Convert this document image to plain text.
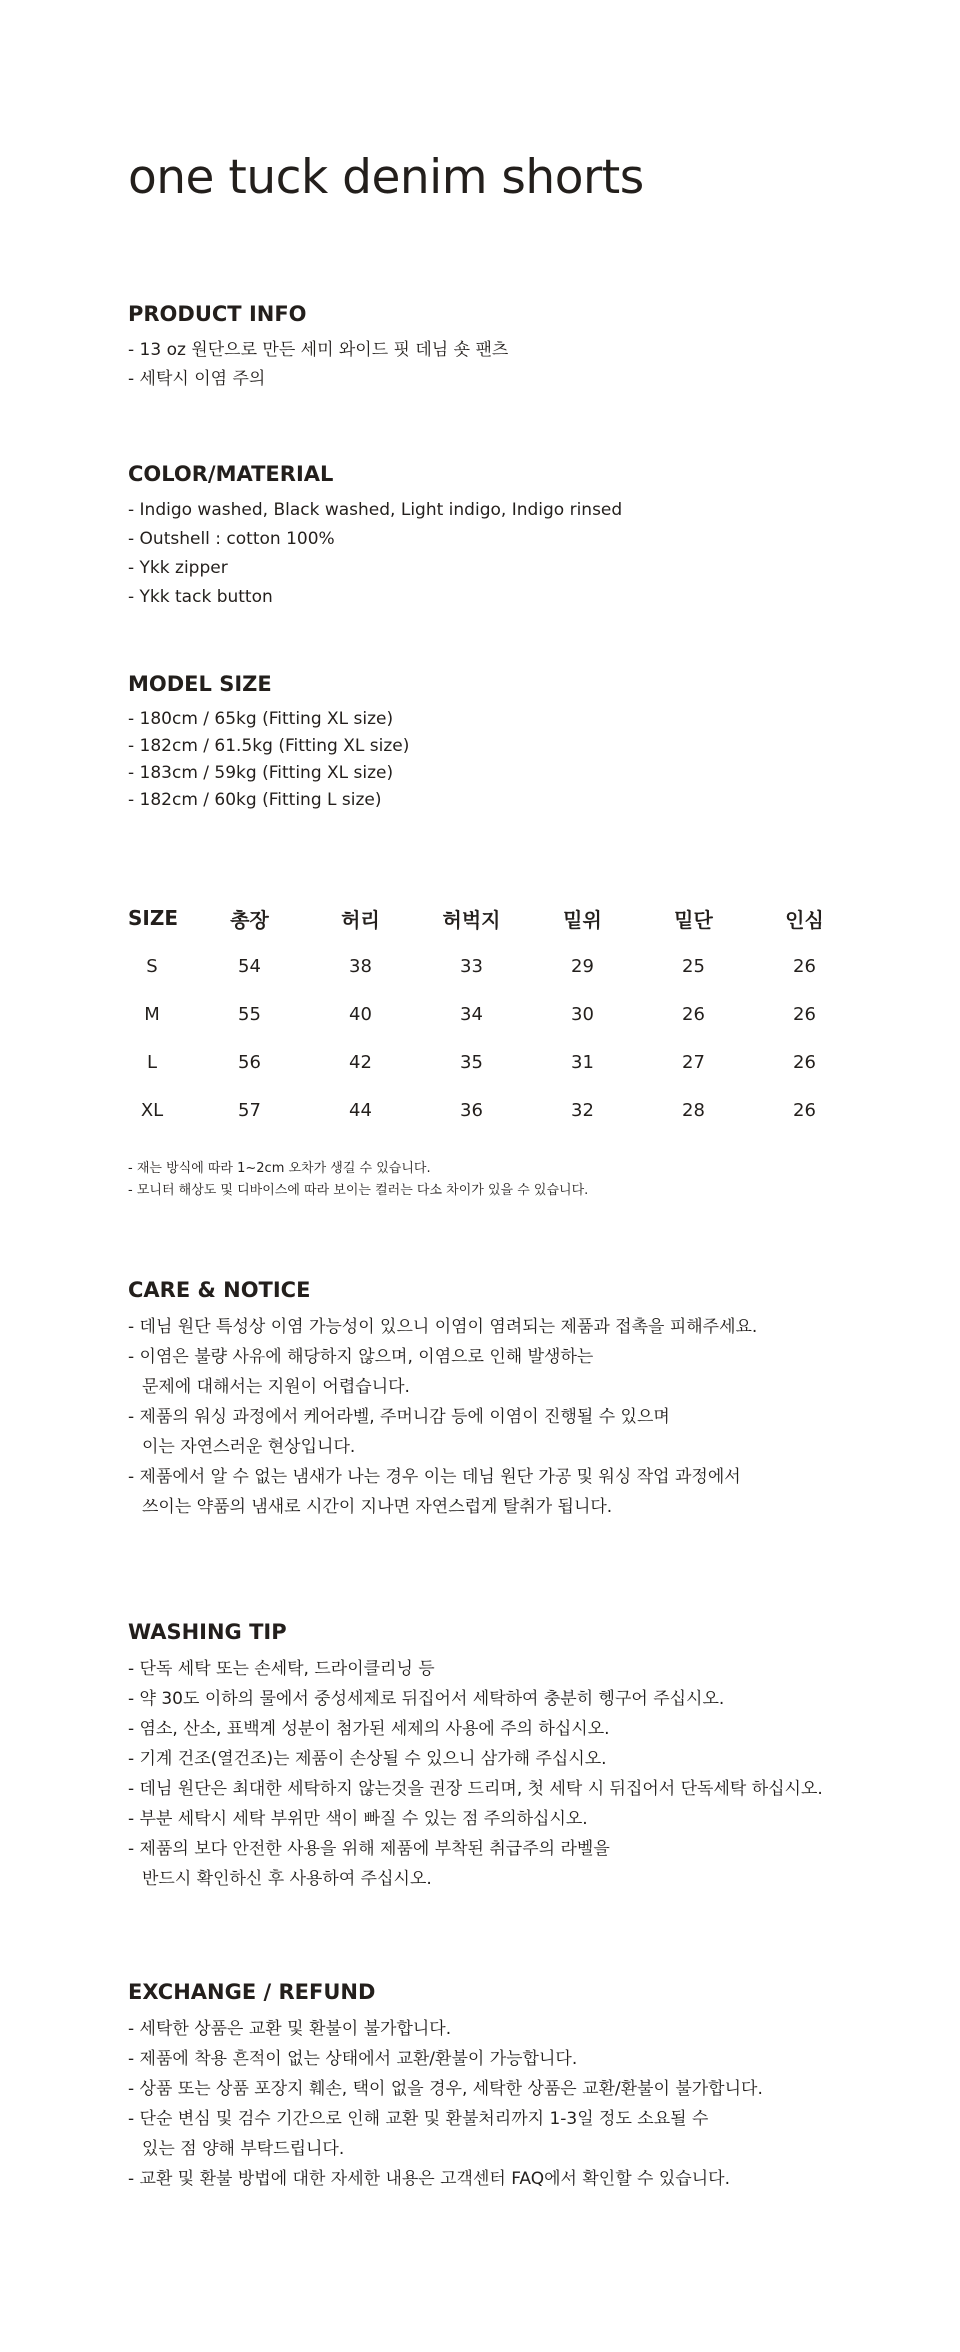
one tuck denim shorts
PRODUCT INFO
- 13 oz 원단으로 만든 세미 와이드 핏 데님 숏 팬츠
- 세탁시 이염 주의
COLOR/MATERIAL
- Indigo washed, Black washed, Light indigo, Indigo rinsed
- Outshell : cotton 100%
- Ykk zipper
- Ykk tack button
MODEL SIZE
- 180cm / 65kg (Fitting XL size)
- 182cm / 61.5kg (Fitting XL size)
- 183cm / 59kg (Fitting XL size)
- 182cm / 60kg (Fitting L size)
SIZE	총장	허리	허벅지	밑위	밑단	인심
S	54	38	33	29	25	26
M	55	40	34	30	26	26
L	56	42	35	31	27	26
XL	57	44	36	32	28	26
- 재는 방식에 따라 1~2cm 오차가 생길 수 있습니다.
- 모니터 해상도 및 디바이스에 따라 보이는 컬러는 다소 차이가 있을 수 있습니다.
CARE & NOTICE
- 데님 원단 특성상 이염 가능성이 있으니 이염이 염려되는 제품과 접촉을 피해주세요.
- 이염은 불량 사유에 해당하지 않으며, 이염으로 인해 발생하는
문제에 대해서는 지원이 어렵습니다.
- 제품의 워싱 과정에서 케어라벨, 주머니감 등에 이염이 진행될 수 있으며
이는 자연스러운 현상입니다.
- 제품에서 알 수 없는 냄새가 나는 경우 이는 데님 원단 가공 및 워싱 작업 과정에서
쓰이는 약품의 냄새로 시간이 지나면 자연스럽게 탈취가 됩니다.
WASHING TIP
- 단독 세탁 또는 손세탁, 드라이클리닝 등
- 약 30도 이하의 물에서 중성세제로 뒤집어서 세탁하여 충분히 헹구어 주십시오.
- 염소, 산소, 표백계 성분이 첨가된 세제의 사용에 주의 하십시오.
- 기계 건조(열건조)는 제품이 손상될 수 있으니 삼가해 주십시오.
- 데님 원단은 최대한 세탁하지 않는것을 권장 드리며, 첫 세탁 시 뒤집어서 단독세탁 하십시오.
- 부분 세탁시 세탁 부위만 색이 빠질 수 있는 점 주의하십시오.
- 제품의 보다 안전한 사용을 위해 제품에 부착된 취급주의 라벨을
반드시 확인하신 후 사용하여 주십시오.
EXCHANGE / REFUND
- 세탁한 상품은 교환 및 환불이 불가합니다.
- 제품에 착용 흔적이 없는 상태에서 교환/환불이 가능합니다.
- 상품 또는 상품 포장지 훼손, 택이 없을 경우, 세탁한 상품은 교환/환불이 불가합니다.
- 단순 변심 및 검수 기간으로 인해 교환 및 환불처리까지 1-3일 정도 소요될 수
있는 점 양해 부탁드립니다.
- 교환 및 환불 방법에 대한 자세한 내용은 고객센터 FAQ에서 확인할 수 있습니다.
